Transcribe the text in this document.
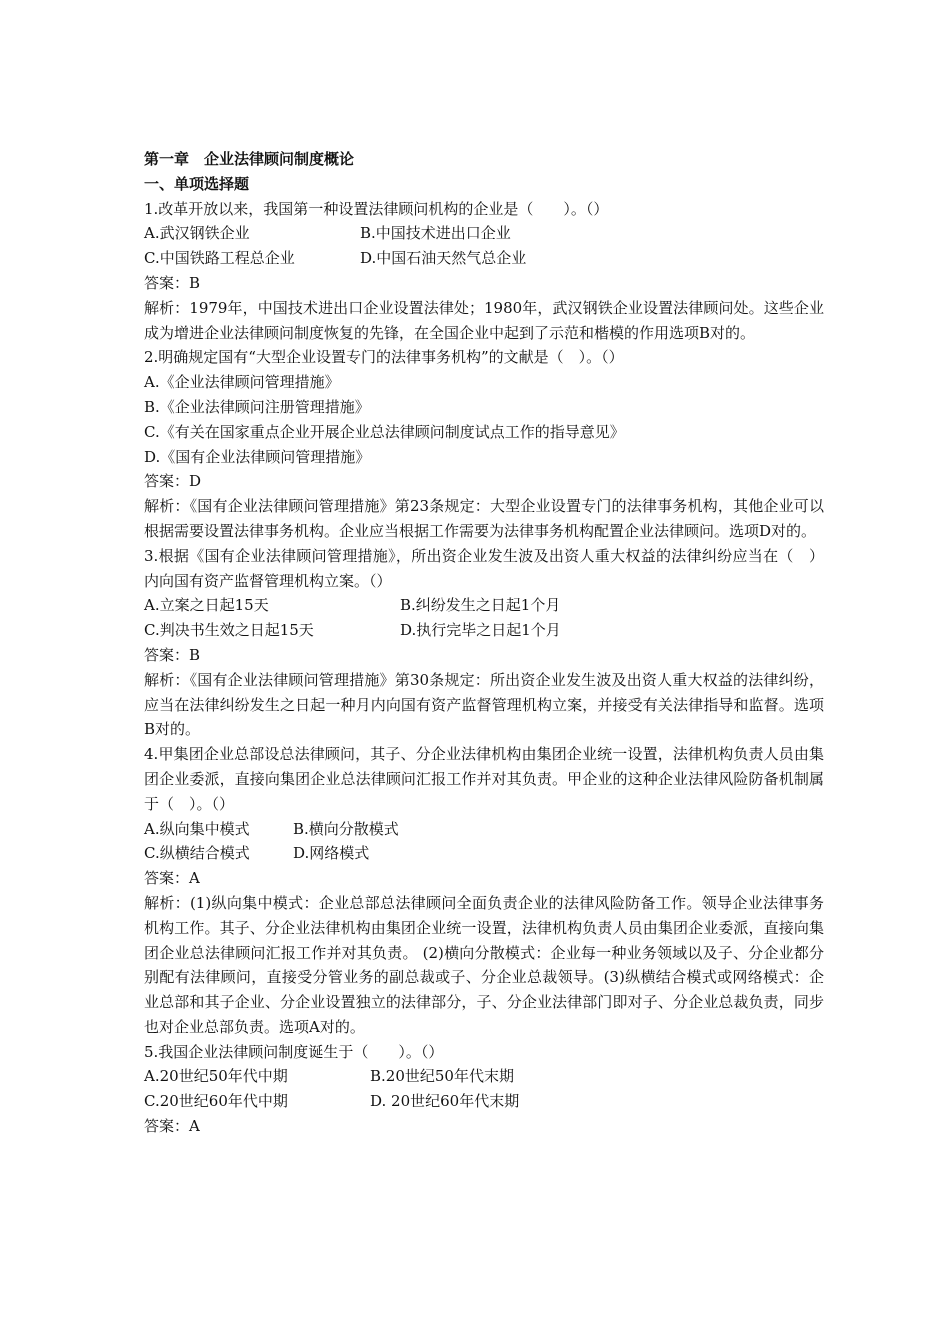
第一章　企业法律顾问制度概论
一、单项选择题
1.改革开放以来，我国第一种设置法律顾问机构的企业是（　　）。（）
A.武汉钢铁企业	B.中国技术进出口企业
C.中国铁路工程总企业	D.中国石油天然气总企业
答案：B
解析：1979年，中国技术进出口企业设置法律处；1980年，武汉钢铁企业设置法律顾问处。这些企业成为增进企业法律顾问制度恢复的先锋，在全国企业中起到了示范和楷模的作用选项B对的。
2.明确规定国有“大型企业设置专门的法律事务机构”的文献是（　）。（）
A.《企业法律顾问管理措施》
B.《企业法律顾问注册管理措施》
C.《有关在国家重点企业开展企业总法律顾问制度试点工作的指导意见》
D.《国有企业法律顾问管理措施》
答案：D
解析：《国有企业法律顾问管理措施》第23条规定：大型企业设置专门的法律事务机构，其他企业可以根据需要设置法律事务机构。企业应当根据工作需要为法律事务机构配置企业法律顾问。选项D对的。
3.根据《国有企业法律顾问管理措施》，所出资企业发生波及出资人重大权益的法律纠纷应当在（　）内向国有资产监督管理机构立案。（）
A.立案之日起15天	B.纠纷发生之日起1个月
C.判决书生效之日起15天	D.执行完毕之日起1个月
答案：B
解析：《国有企业法律顾问管理措施》第30条规定：所出资企业发生波及出资人重大权益的法律纠纷，应当在法律纠纷发生之日起一种月内向国有资产监督管理机构立案，并接受有关法律指导和监督。选项B对的。
4.甲集团企业总部设总法律顾问，其子、分企业法律机构由集团企业统一设置，法律机构负责人员由集团企业委派，直接向集团企业总法律顾问汇报工作并对其负责。甲企业的这种企业法律风险防备机制属于（　）。（）
A.纵向集中模式	B.横向分散模式
C.纵横结合模式	D.网络模式
答案：A
解析：(1)纵向集中模式：企业总部总法律顾问全面负责企业的法律风险防备工作。领导企业法律事务机构工作。其子、分企业法律机构由集团企业统一设置，法律机构负责人员由集团企业委派，直接向集团企业总法律顾问汇报工作并对其负责。 (2)横向分散模式：企业每一种业务领域以及子、分企业都分别配有法律顾问，直接受分管业务的副总裁或子、分企业总裁领导。(3)纵横结合模式或网络模式：企业总部和其子企业、分企业设置独立的法律部分，子、分企业法律部门即对子、分企业总裁负责，同步也对企业总部负责。选项A对的。
5.我国企业法律顾问制度诞生于（　　）。（）
A.20世纪50年代中期	B.20世纪50年代末期
C.20世纪60年代中期	D. 20世纪60年代末期
答案：A
